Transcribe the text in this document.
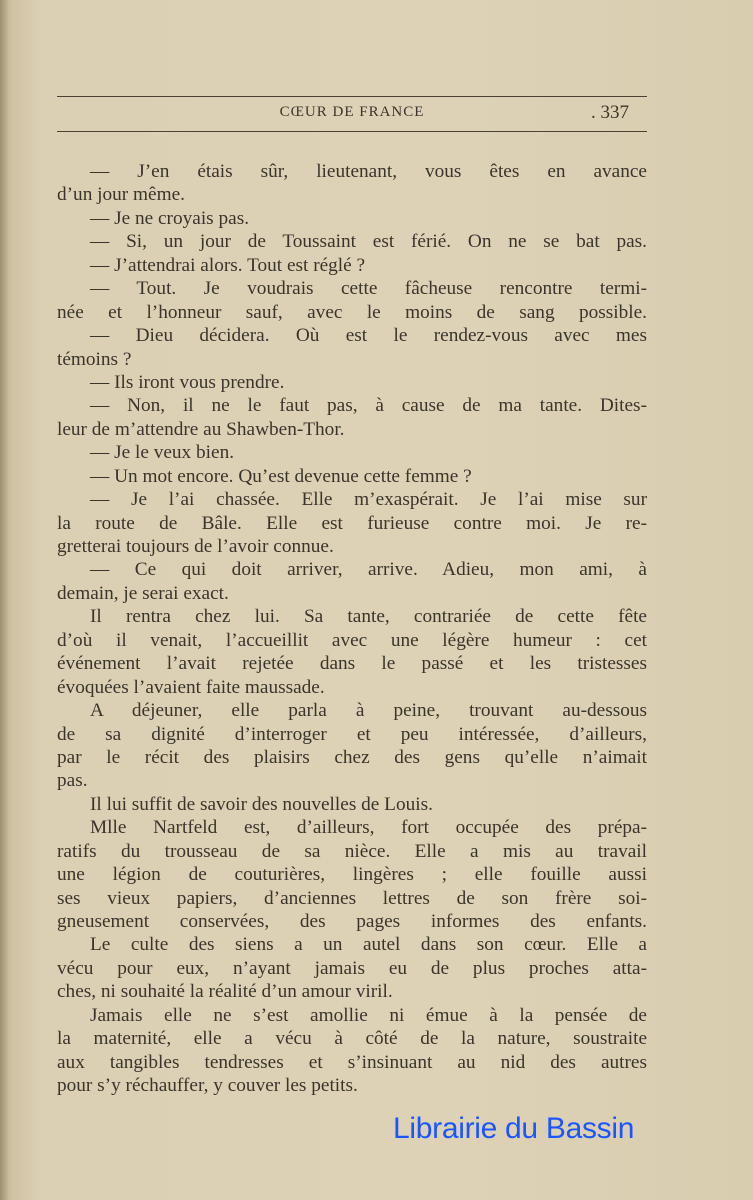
CŒUR DE FRANCE	. 337
— J’en étais sûr, lieutenant, vous êtes en avance
d’un jour même.
— Je ne croyais pas.
— Si, un jour de Toussaint est férié. On ne se bat pas.
— J’attendrai alors. Tout est réglé ?
— Tout. Je voudrais cette fâcheuse rencontre termi-
née et l’honneur sauf, avec le moins de sang possible.
— Dieu décidera. Où est le rendez-vous avec mes
témoins ?
— Ils iront vous prendre.
— Non, il ne le faut pas, à cause de ma tante. Dites-
leur de m’attendre au Shawben-Thor.
— Je le veux bien.
— Un mot encore. Qu’est devenue cette femme ?
— Je l’ai chassée. Elle m’exaspérait. Je l’ai mise sur
la route de Bâle. Elle est furieuse contre moi. Je re-
gretterai toujours de l’avoir connue.
— Ce qui doit arriver, arrive. Adieu, mon ami, à
demain, je serai exact.
Il rentra chez lui. Sa tante, contrariée de cette fête
d’où il venait, l’accueillit avec une légère humeur : cet
événement l’avait rejetée dans le passé et les tristesses
évoquées l’avaient faite maussade.
A déjeuner, elle parla à peine, trouvant au-dessous
de sa dignité d’interroger et peu intéressée, d’ailleurs,
par le récit des plaisirs chez des gens qu’elle n’aimait
pas.
Il lui suffit de savoir des nouvelles de Louis.
Mlle Nartfeld est, d’ailleurs, fort occupée des prépa-
ratifs du trousseau de sa nièce. Elle a mis au travail
une légion de couturières, lingères ; elle fouille aussi
ses vieux papiers, d’anciennes lettres de son frère soi-
gneusement conservées, des pages informes des enfants.
Le culte des siens a un autel dans son cœur. Elle a
vécu pour eux, n’ayant jamais eu de plus proches atta-
ches, ni souhaité la réalité d’un amour viril.
Jamais elle ne s’est amollie ni émue à la pensée de
la maternité, elle a vécu à côté de la nature, soustraite
aux tangibles tendresses et s’insinuant au nid des autres
pour s’y réchauffer, y couver les petits.
Librairie du Bassin
